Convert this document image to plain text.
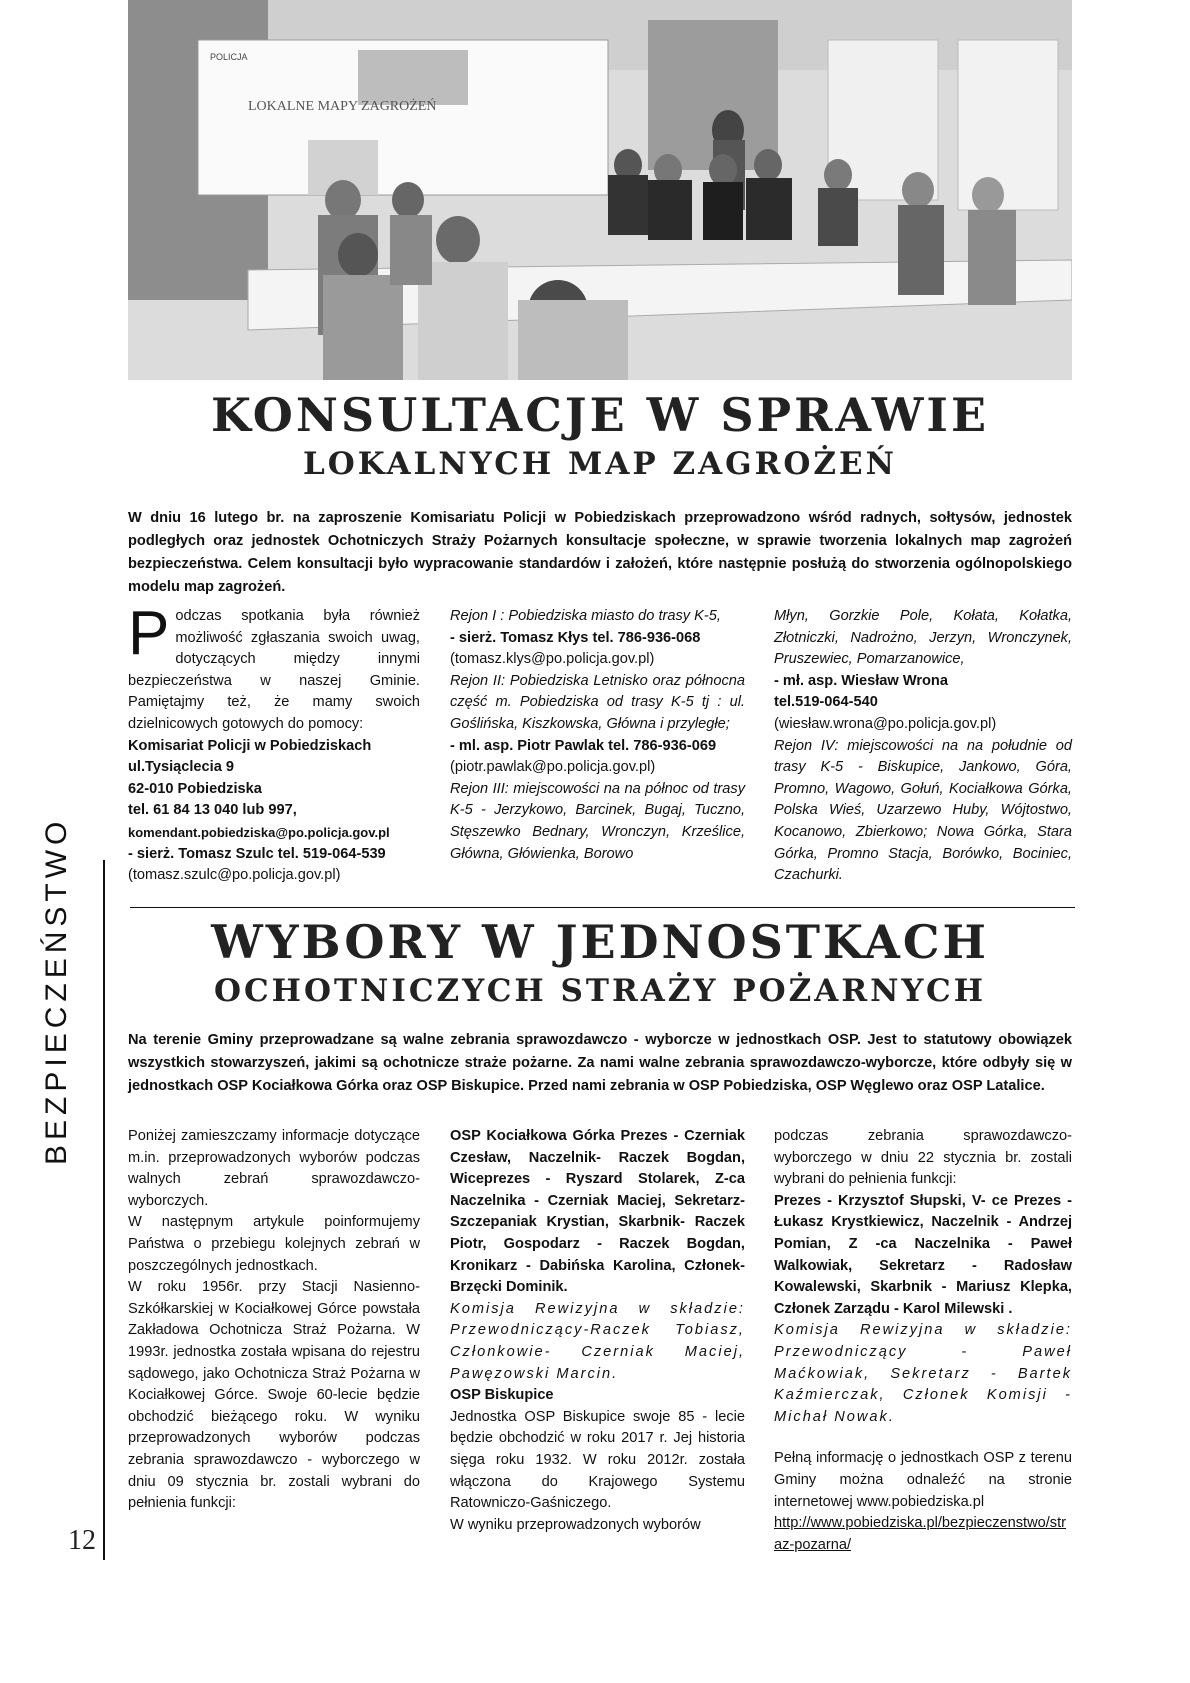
LOKALNE MAPY ZAGROŻEŃ
POLICJA
BEZPIECZEŃSTWO
12
KONSULTACJE W SPRAWIE
LOKALNYCH MAP ZAGROŻEŃ
W dniu 16 lutego br. na zaproszenie Komisariatu Policji w Pobiedziskach przeprowadzono wśród radnych, sołtysów, jednostek podległych oraz jednostek Ochotniczych Straży Pożarnych konsultacje społeczne, w sprawie tworzenia lokalnych map zagrożeń bezpieczeństwa. Celem konsultacji było wypracowanie standardów i założeń, które następnie posłużą do stworzenia ogólnopolskiego modelu map zagrożeń.
Podczas spotkania była również możliwość zgłaszania swoich uwag, dotyczących między innymi bezpieczeństwa w naszej Gminie. Pamiętajmy też, że mamy swoich dzielnicowych gotowych do pomocy:

Komisariat Policji w Pobiedziskach

ul.Tysiąclecia 9

62-010 Pobiedziska

tel. 61 84 13 040 lub 997,

komendant.pobiedziska@po.policja.gov.pl

- sierż. Tomasz Szulc tel. 519-064-539

(tomasz.szulc@po.policja.gov.pl)

Rejon I : Pobiedziska miasto do trasy K-5,

- sierż. Tomasz Kłys tel. 786-936-068

(tomasz.klys@po.policja.gov.pl)

Rejon II: Pobiedziska Letnisko oraz północna część m. Pobiedziska od trasy K-5 tj : ul. Goślińska, Kiszkowska, Główna i przyległe;

- ml. asp. Piotr Pawlak tel. 786-936-069

(piotr.pawlak@po.policja.gov.pl)

Rejon III: miejscowości na na północ od trasy K-5 - Jerzykowo, Barcinek, Bugaj, Tuczno, Stęszewko Bednary, Wronczyn, Krześlice, Główna, Główienka, Borowo

Młyn, Gorzkie Pole, Kołata, Kołatka, Złotniczki, Nadrożno, Jerzyn, Wronczynek, Pruszewiec, Pomarzanowice,

- mł. asp. Wiesław Wrona

tel.519-064-540

(wiesław.wrona@po.policja.gov.pl)

Rejon IV: miejscowości na na południe od trasy K-5 - Biskupice, Jankowo, Góra, Promno, Wagowo, Gołuń, Kociałkowa Górka, Polska Wieś, Uzarzewo Huby, Wójtostwo, Kocanowo, Zbierkowo; Nowa Górka, Stara Górka, Promno Stacja, Borówko, Bociniec, Czachurki.

WYBORY W JEDNOSTKACH
OCHOTNICZYCH STRAŻY POŻARNYCH
Na terenie Gminy przeprowadzane są walne zebrania sprawozdawczo - wyborcze w jednostkach OSP. Jest to statutowy obowiązek wszystkich stowarzyszeń, jakimi są ochotnicze straże pożarne. Za nami walne zebrania sprawozdawczo-wyborcze, które odbyły się w jednostkach OSP Kociałkowa Górka oraz OSP Biskupice. Przed nami zebrania w OSP Pobiedziska, OSP Węglewo oraz OSP Latalice.

Poniżej zamieszczamy informacje dotyczące m.in. przeprowadzonych wyborów podczas walnych zebrań sprawozdawczo-wyborczych.

W następnym artykule poinformujemy Państwa o przebiegu kolejnych zebrań w poszczególnych jednostkach.

W roku 1956r. przy Stacji Nasienno-Szkółkarskiej w Kociałkowej Górce powstała Zakładowa Ochotnicza Straż Pożarna. W 1993r. jednostka została wpisana do rejestru sądowego, jako Ochotnicza Straż Pożarna w Kociałkowej Górce. Swoje 60-lecie będzie obchodzić bieżącego roku. W wyniku przeprowadzonych wyborów podczas zebrania sprawozdawczo - wyborczego w dniu 09 stycznia br. zostali wybrani do pełnienia funkcji:

OSP Kociałkowa Górka Prezes - Czerniak Czesław, Naczelnik- Raczek Bogdan, Wiceprezes - Ryszard Stolarek, Z-ca Naczelnika - Czerniak Maciej, Sekretarz-Szczepaniak Krystian, Skarbnik- Raczek Piotr, Gospodarz - Raczek Bogdan, Kronikarz - Dabińska Karolina, Członek-Brzęcki Dominik.

Komisja Rewizyjna w składzie: Przewodniczący-Raczek Tobiasz, Członkowie- Czerniak Maciej, Pawęzowski Marcin.

OSP Biskupice

Jednostka OSP Biskupice swoje 85 - lecie będzie obchodzić w roku 2017 r. Jej historia sięga roku 1932. W roku 2012r. została włączona do Krajowego Systemu Ratowniczo-Gaśniczego.

W wyniku przeprowadzonych wyborów

podczas zebrania sprawozdawczo-wyborczego w dniu 22 stycznia br. zostali wybrani do pełnienia funkcji:

Prezes - Krzysztof Słupski, V- ce Prezes - Łukasz Krystkiewicz, Naczelnik - Andrzej Pomian, Z -ca Naczelnika - Paweł Walkowiak, Sekretarz - Radosław Kowalewski, Skarbnik - Mariusz Klepka, Członek Zarządu - Karol Milewski .

Komisja Rewizyjna w składzie: Przewodniczący - Paweł Maćkowiak, Sekretarz - Bartek Kaźmierczak, Członek Komisji - Michał Nowak.

Pełną informację o jednostkach OSP z terenu Gminy można odnaleźć na stronie internetowej www.pobiedziska.pl

http://www.pobiedziska.pl/bezpieczenstwo/straz-pozarna/
